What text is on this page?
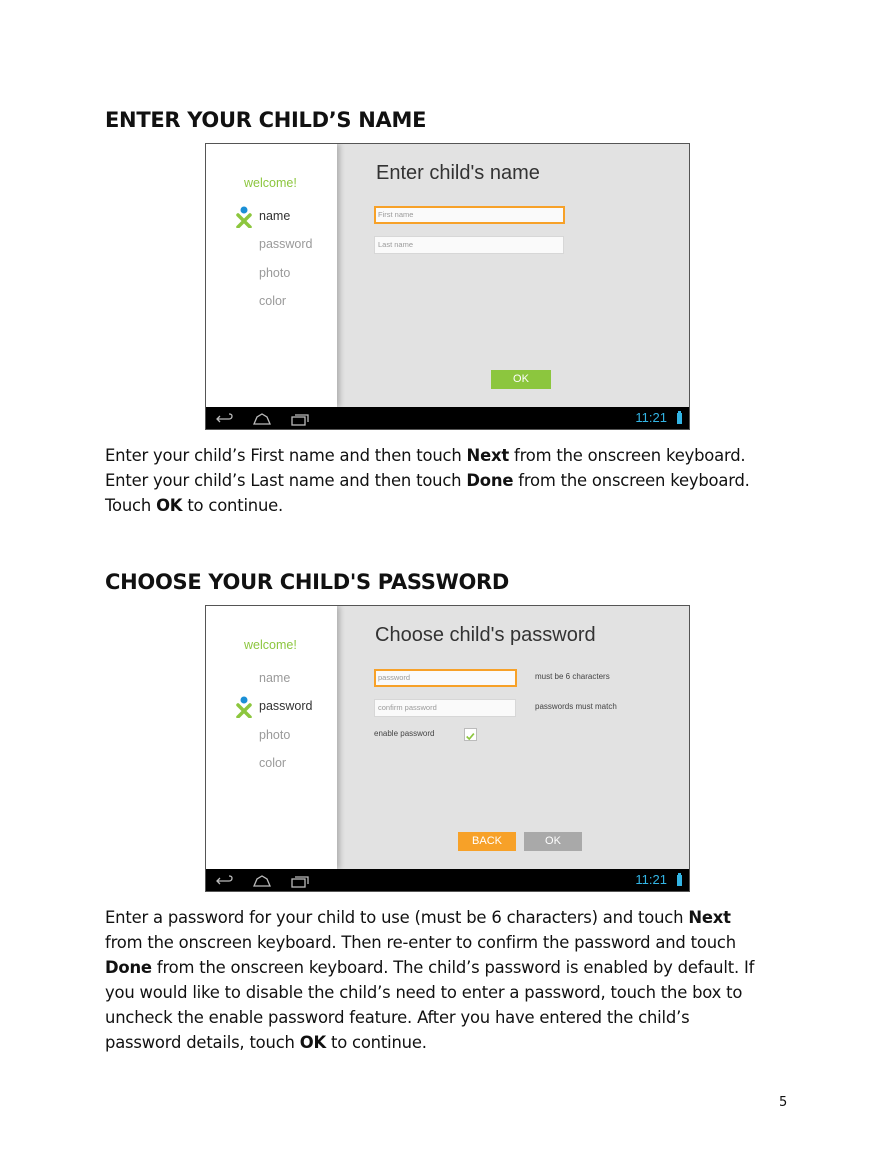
ENTER YOUR CHILD’S NAME
welcome!
name
password
photo
color
Enter child's name
First name
Last name
OK
11:21

Enter your child’s First name and then touch Next from the onscreen keyboard.

Enter your child’s Last name and then touch Done from the onscreen keyboard.

Touch OK to continue.

CHOOSE YOUR CHILD'S PASSWORD
welcome!
name
password
photo
color
Choose child's password
password
confirm password
must be 6 characters
passwords must match
enable password
BACK	OK
11:21

Enter a password for your child to use (must be 6 characters) and touch Next

from the onscreen keyboard. Then re-enter to confirm the password and touch

Done from the onscreen keyboard. The child’s password is enabled by default. If

you would like to disable the child’s need to enter a password, touch the box to

uncheck the enable password feature. After you have entered the child’s

password details, touch OK to continue.

5
